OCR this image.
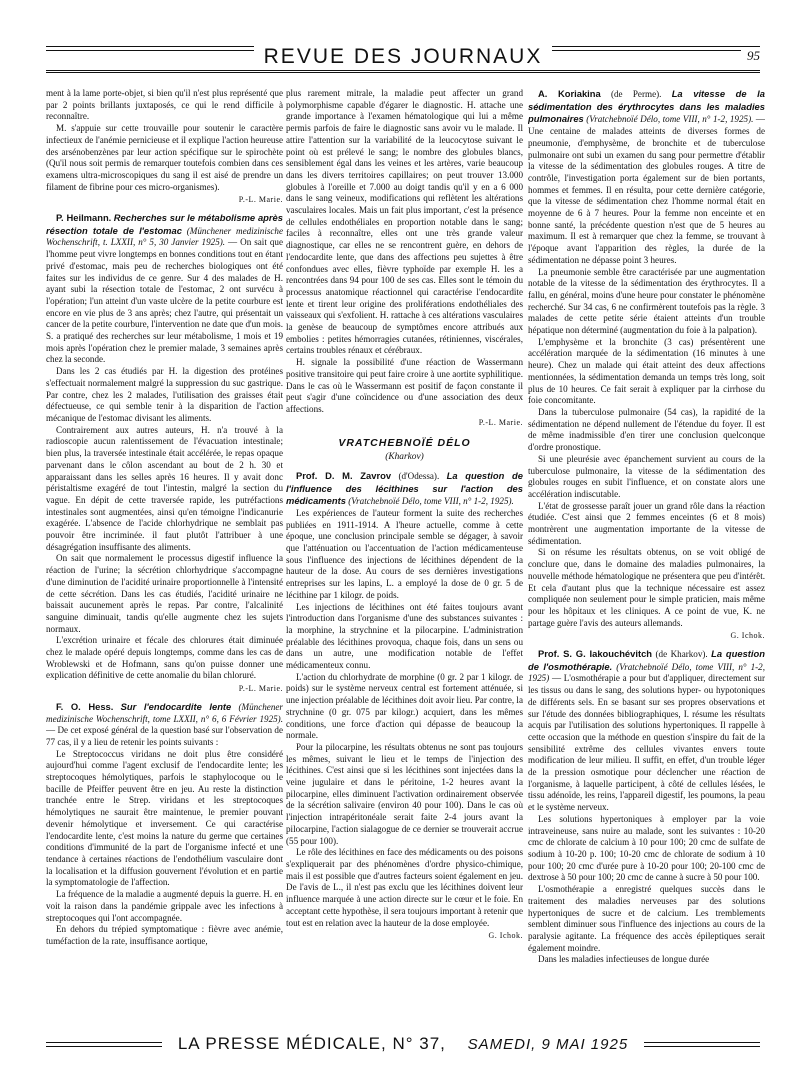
REVUE DES JOURNAUX	95

ment à la lame porte-objet, si bien qu'il n'est plus représenté que par 2 points brillants juxtaposés, ce qui le rend difficile à reconnaître.

M. s'appuie sur cette trouvaille pour soutenir le caractère infectieux de l'anémie pernicieuse et il explique l'action heureuse des arsénobenzènes par leur action spécifique sur le spirochète (Qu'il nous soit permis de remarquer toutefois combien dans ces examens ultra-microscopiques du sang il est aisé de prendre un filament de fibrine pour ces micro-organismes).

P.-L. Marie.

P. Heilmann. Recherches sur le métabolisme après résection totale de l'estomac (Münchener medizinische Wochenschrift, t. LXXII, n° 5, 30 Janvier 1925). — On sait que l'homme peut vivre longtemps en bonnes conditions tout en étant privé d'estomac, mais peu de recherches biologiques ont été faites sur les individus de ce genre. Sur 4 des malades de H. ayant subi la résection totale de l'estomac, 2 ont survécu à l'opération; l'un atteint d'un vaste ulcère de la petite courbure est encore en vie plus de 3 ans après; chez l'autre, qui présentait un cancer de la petite courbure, l'intervention ne date que d'un mois. S. a pratiqué des recherches sur leur métabolisme, 1 mois et 19 mois après l'opération chez le premier malade, 3 semaines après chez la seconde.

Dans les 2 cas étudiés par H. la digestion des protéines s'effectuait normalement malgré la suppression du suc gastrique. Par contre, chez les 2 malades, l'utilisation des graisses était défectueuse, ce qui semble tenir à la disparition de l'action mécanique de l'estomac divisant les aliments.

Contrairement aux autres auteurs, H. n'a trouvé à la radioscopie aucun ralentissement de l'évacuation intestinale; bien plus, la traversée intestinale était accélérée, le repas opaque parvenant dans le côlon ascendant au bout de 2 h. 30 et apparaissant dans les selles après 16 heures. Il y avait donc péristaltisme exagéré de tout l'intestin, malgré la section du vague. En dépit de cette traversée rapide, les putréfactions intestinales sont augmentées, ainsi qu'en témoigne l'indicanurie exagérée. L'absence de l'acide chlorhydrique ne semblait pas pouvoir être incriminée. il faut plutôt l'attribuer à une désagrégation insuffisante des aliments.

On sait que normalement le processus digestif influence la réaction de l'urine; la sécrétion chlorhydrique s'accompagne d'une diminution de l'acidité urinaire proportionnelle à l'intensité de cette sécrétion. Dans les cas étudiés, l'acidité urinaire ne baissait aucunement après le repas. Par contre, l'alcalinité sanguine diminuait, tandis qu'elle augmente chez les sujets normaux.

L'excrétion urinaire et fécale des chlorures était diminuée chez le malade opéré depuis longtemps, comme dans les cas de Wroblewski et de Hofmann, sans qu'on puisse donner une explication définitive de cette anomalie du bilan chloruré.

P.-L. Marie.

F. O. Hess. Sur l'endocardite lente (Münchener medizinische Wochenschrift, tome LXXII, n° 6, 6 Février 1925). — De cet exposé général de la question basé sur l'observation de 77 cas, il y a lieu de retenir les points suivants :

Le Streptococcus viridans ne doit plus être considéré aujourd'hui comme l'agent exclusif de l'endocardite lente; les streptocoques hémolytiques, parfois le staphylocoque ou le bacille de Pfeiffer peuvent être en jeu. Au reste la distinction tranchée entre le Strep. viridans et les streptocoques hémolytiques ne saurait être maintenue, le premier pouvant devenir hémolytique et inversement. Ce qui caractérise l'endocardite lente, c'est moins la nature du germe que certaines conditions d'immunité de la part de l'organisme infecté et une tendance à certaines réactions de l'endothélium vasculaire dont la localisation et la diffusion gouvernent l'évolution et en partie la symptomatologie de l'affection.

La fréquence de la maladie a augmenté depuis la guerre. H. en voit la raison dans la pandémie grippale avec les infections à streptocoques qui l'ont accompagnée.

En dehors du trépied symptomatique : fièvre avec anémie, tuméfaction de la rate, insuffisance aortique,

plus rarement mitrale, la maladie peut affecter un grand polymorphisme capable d'égarer le diagnostic. H. attache une grande importance à l'examen hématologique qui lui a même permis parfois de faire le diagnostic sans avoir vu le malade. Il attire l'attention sur la variabilité de la leucocytose suivant le point où est prélevé le sang; le nombre des globules blancs, sensiblement égal dans les veines et les artères, varie beaucoup dans les divers territoires capillaires; on peut trouver 13.000 globules à l'oreille et 7.000 au doigt tandis qu'il y en a 6 000 dans le sang veineux, modifications qui reflètent les altérations vasculaires locales. Mais un fait plus important, c'est la présence de cellules endothéliales en proportion notable dans le sang; faciles à reconnaître, elles ont une très grande valeur diagnostique, car elles ne se rencontrent guère, en dehors de l'endocardite lente, que dans des affections peu sujettes à être confondues avec elles, fièvre typhoïde par exemple H. les a rencontrées dans 94 pour 100 de ses cas. Elles sont le témoin du processus anatomique réactionnel qui caractérise l'endocardite lente et tirent leur origine des proliférations endothéliales des vaisseaux qui s'exfolient. H. rattache à ces altérations vasculaires la genèse de beaucoup de symptômes encore attribués aux embolies : petites hémorragies cutanées, rétiniennes, viscérales, certains troubles rénaux et cérébraux.

H. signale la possibilité d'une réaction de Wassermann positive transitoire qui peut faire croire à une aortite syphilitique. Dans le cas où le Wassermann est positif de façon constante il peut s'agir d'une coïncidence ou d'une association des deux affections.

P.-L. Marie.
VRATCHEBNOÏÉ DÉLO
(Kharkov)

Prof. D. M. Zavrov (d'Odessa). La question de l'influence des lécithines sur l'action des médicaments (Vratchebnoïé Délo, tome VIII, n° 1-2, 1925).

Les expériences de l'auteur forment la suite des recherches publiées en 1911-1914. A l'heure actuelle, comme à cette époque, une conclusion principale semble se dégager, à savoir que l'atténuation ou l'accentuation de l'action médicamenteuse sous l'influence des injections de lécithines dépendent de la hauteur de la dose. Au cours de ses dernières investigations entreprises sur les lapins, L. a employé la dose de 0 gr. 5 de lécithine par 1 kilogr. de poids.

Les injections de lécithines ont été faites toujours avant l'introduction dans l'organisme d'une des substances suivantes : la morphine, la strychnine et la pilocarpine. L'administration préalable des lécithines provoqua, chaque fois, dans un sens ou dans un autre, une modification notable de l'effet médicamenteux connu.

L'action du chlorhydrate de morphine (0 gr. 2 par 1 kilogr. de poids) sur le système nerveux central est fortement atténuée, si une injection préalable de lécithines doit avoir lieu. Par contre, la strychnine (0 gr. 075 par kilogr.) acquiert, dans les mêmes conditions, une force d'action qui dépasse de beaucoup la normale.

Pour la pilocarpine, les résultats obtenus ne sont pas toujours les mêmes, suivant le lieu et le temps de l'injection des lécithines. C'est ainsi que si les lécithines sont injectées dans la veine jugulaire et dans le péritoine, 1-2 heures avant la pilocarpine, elles diminuent l'activation ordinairement observée de la sécrétion salivaire (environ 40 pour 100). Dans le cas où l'injection intrapéritonéale serait faite 2-4 jours avant la pilocarpine, l'action sialagogue de ce dernier se trouverait accrue (55 pour 100).

Le rôle des lécithines en face des médicaments ou des poisons s'expliquerait par des phénomènes d'ordre physico-chimique, mais il est possible que d'autres facteurs soient également en jeu. De l'avis de L., il n'est pas exclu que les lécithines doivent leur influence marquée à une action directe sur le cœur et le foie. En acceptant cette hypothèse, il sera toujours important à retenir que tout est en relation avec la hauteur de la dose employée.

G. Ichok.

A. Koriakina (de Perme). La vitesse de la sédimentation des érythrocytes dans les maladies pulmonaires (Vratchebnoïé Délo, tome VIII, n° 1-2, 1925). — Une centaine de malades atteints de diverses formes de pneumonie, d'emphysème, de bronchite et de tuberculose pulmonaire ont subi un examen du sang pour permettre d'établir la vitesse de la sédimentation des globules rouges. A titre de contrôle, l'investigation porta également sur de bien portants, hommes et femmes. Il en résulta, pour cette dernière catégorie, que la vitesse de sédimentation chez l'homme normal était en moyenne de 6 à 7 heures. Pour la femme non enceinte et en bonne santé, la précédente question n'est que de 5 heures au maximum. Il est à remarquer que chez la femme, se trouvant à l'époque avant l'apparition des règles, la durée de la sédimentation ne dépasse point 3 heures.

La pneumonie semble être caractérisée par une augmentation notable de la vitesse de la sédimentation des érythrocytes. Il a fallu, en général, moins d'une heure pour constater le phénomène recherché. Sur 34 cas, 6 ne confirmèrent toutefois pas la règle. 3 malades de cette petite série étaient atteints d'un trouble hépatique non déterminé (augmentation du foie à la palpation).

L'emphysème et la bronchite (3 cas) présentèrent une accélération marquée de la sédimentation (16 minutes à une heure). Chez un malade qui était atteint des deux affections mentionnées, la sédimentation demanda un temps très long, soit plus de 10 heures. Ce fait serait à expliquer par la cirrhose du foie concomitante.

Dans la tuberculose pulmonaire (54 cas), la rapidité de la sédimentation ne dépend nullement de l'étendue du foyer. Il est de même inadmissible d'en tirer une conclusion quelconque d'ordre pronostique.

Si une pleurésie avec épanchement survient au cours de la tuberculose pulmonaire, la vitesse de la sédimentation des globules rouges en subit l'influence, et on constate alors une accélération indiscutable.

L'état de grossesse paraît jouer un grand rôle dans la réaction étudiée. C'est ainsi que 2 femmes enceintes (6 et 8 mois) montrèrent une augmentation importante de la vitesse de sédimentation.

Si on résume les résultats obtenus, on se voit obligé de conclure que, dans le domaine des maladies pulmonaires, la nouvelle méthode hématologique ne présentera que peu d'intérêt. Et cela d'autant plus que la technique nécessaire est assez compliquée non seulement pour le simple praticien, mais même pour les hôpitaux et les cliniques. A ce point de vue, K. ne partage guère l'avis des auteurs allemands.

G. Ichok.

Prof. S. G. Iakouchévitch (de Kharkov). La question de l'osmothérapie. (Vratchebnoïé Délo, tome VIII, n° 1-2, 1925) — L'osmothérapie a pour but d'appliquer, directement sur les tissus ou dans le sang, des solutions hyper- ou hypotoniques de différents sels. En se basant sur ses propres observations et sur l'étude des données bibliographiques, I. résume les résultats acquis par l'utilisation des solutions hypertoniques. Il rappelle à cette occasion que la méthode en question s'inspire du fait de la sensibilité extrême des cellules vivantes envers toute modification de leur milieu. Il suffit, en effet, d'un trouble léger de la pression osmotique pour déclencher une réaction de l'organisme, à laquelle participent, à côté de cellules lésées, le tissu adénoïde, les reins, l'appareil digestif, les poumons, la peau et le système nerveux.

Les solutions hypertoniques à employer par la voie intraveineuse, sans nuire au malade, sont les suivantes : 10-20 cmc de chlorate de calcium à 10 pour 100; 20 cmc de sulfate de sodium à 10-20 p. 100; 10-20 cmc de chlorate de sodium à 10 pour 100; 20 cmc d'urée pure à 10-20 pour 100; 20-100 cmc de dextrose à 50 pour 100; 20 cmc de canne à sucre à 50 pour 100.

L'osmothérapie a enregistré quelques succès dans le traitement des maladies nerveuses par des solutions hypertoniques de sucre et de calcium. Les tremblements semblent diminuer sous l'influence des injections au cours de la paralysie agitante. La fréquence des accès épileptiques serait également moindre.

Dans les maladies infectieuses de longue durée

LA PRESSE MÉDICALE, N° 37, SAMEDI, 9 MAI 1925
